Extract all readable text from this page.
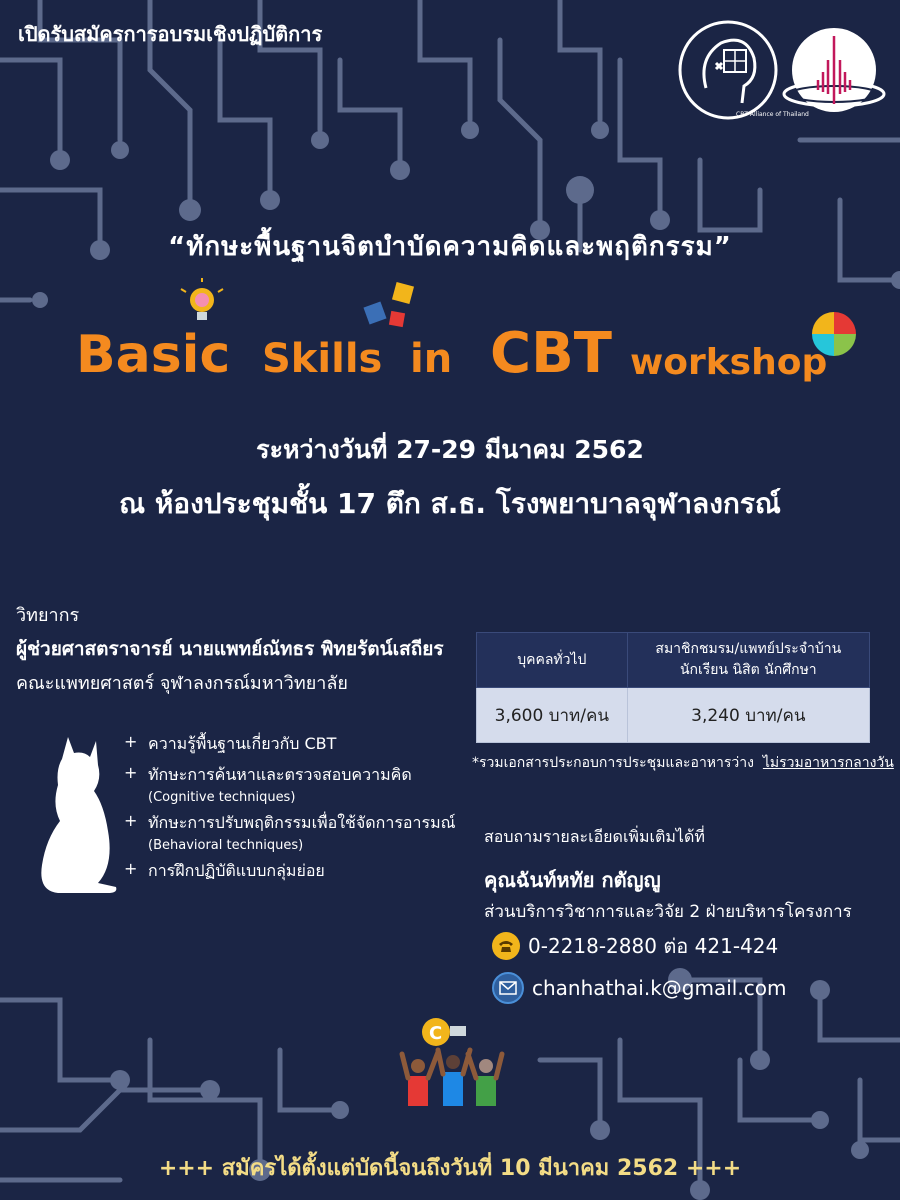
เปิดรับสมัครการอบรมเชิงปฏิบัติการ
CBT Alliance of Thailand
“ทักษะพื้นฐานจิตบำบัดความคิดและพฤติกรรม”
Basic Skills in CBT workshop
ระหว่างวันที่ 27-29 มีนาคม 2562
ณ ห้องประชุมชั้น 17 ตึก ส.ธ. โรงพยาบาลจุฬาลงกรณ์
วิทยากร
ผู้ช่วยศาสตราจารย์ นายแพทย์ณัทธร พิทยรัตน์เสถียร
คณะแพทยศาสตร์ จุฬาลงกรณ์มหาวิทยาลัย
+ ความรู้พื้นฐานเกี่ยวกับ CBT
+ ทักษะการค้นหาและตรวจสอบความคิด
(Cognitive techniques)
+ ทักษะการปรับพฤติกรรมเพื่อใช้จัดการอารมณ์
(Behavioral techniques)
+ การฝึกปฏิบัติแบบกลุ่มย่อย
บุคคลทั่วไป	สมาชิกชมรม/แพทย์ประจำบ้าน
นักเรียน นิสิต นักศึกษา
3,600 บาท/คน	3,240 บาท/คน
*รวมเอกสารประกอบการประชุมและอาหารว่าง ไม่รวมอาหารกลางวัน
สอบถามรายละเอียดเพิ่มเติมได้ที่
คุณฉันท์หทัย กตัญญู
ส่วนบริการวิชาการและวิจัย 2 ฝ่ายบริหารโครงการ
0-2218-2880 ต่อ 421-424
chanhathai.k@gmail.com
C
+++ สมัครได้ตั้งแต่บัดนี้จนถึงวันที่ 10 มีนาคม 2562 +++
